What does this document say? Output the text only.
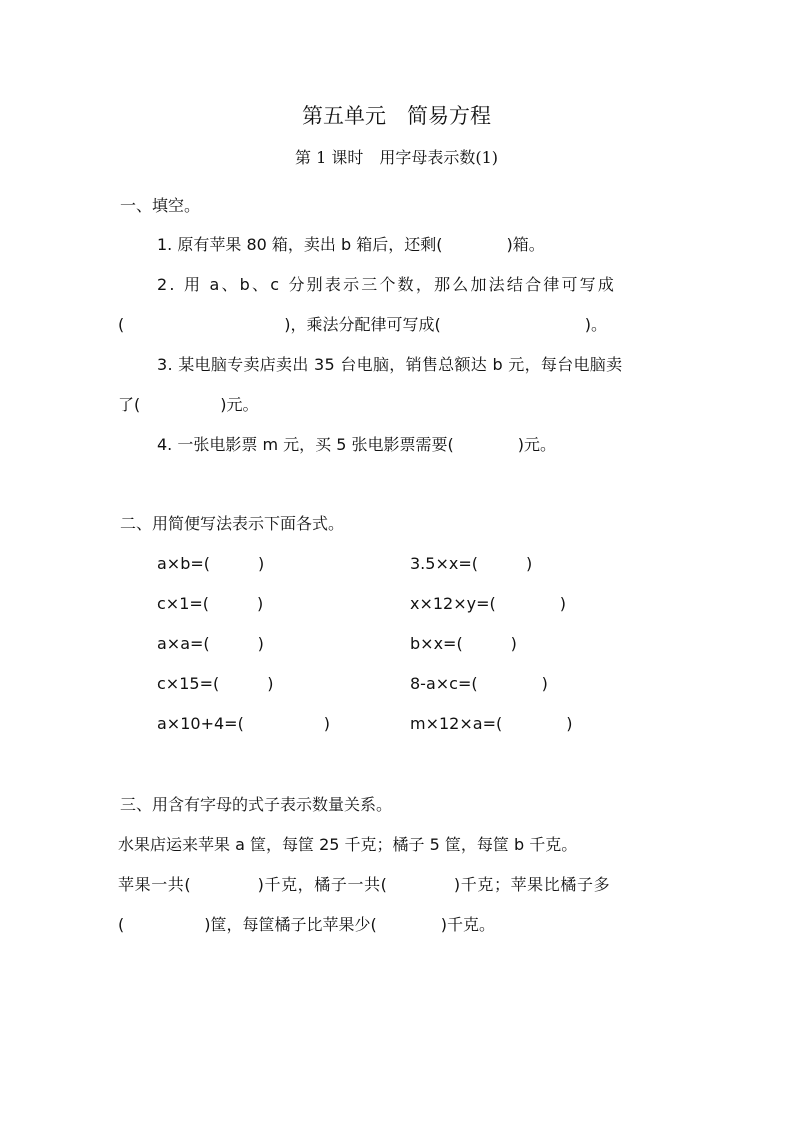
第五单元　简易方程
第 1 课时　用字母表示数(1)
一、填空。
1. 原有苹果 80 箱，卖出 b 箱后，还剩(　　　　)箱。
2. 用 a、b、c 分别表示三个数，那么加法结合律可写成
(　　　　　　　　　　)，乘法分配律可写成(　　　　　　　　　)。
3. 某电脑专卖店卖出 35 台电脑，销售总额达 b 元，每台电脑卖
了(　　　　　)元。
4. 一张电影票 m 元，买 5 张电影票需要(　　　　)元。
二、用简便写法表示下面各式。
a×b=(　　　)
c×1=(　　　)
a×a=(　　　)
c×15=(　　　)
a×10+4=(　　　　　)
3.5×x=(　　　)
x×12×y=(　　　　)
b×x=(　　　)
8-a×c=(　　　　)
m×12×a=(　　　　)
三、用含有字母的式子表示数量关系。
水果店运来苹果 a 筐，每筐 25 千克；橘子 5 筐，每筐 b 千克。
苹果一共(　　　　)千克，橘子一共(　　　　)千克；苹果比橘子多
(　　　　　)筐，每筐橘子比苹果少(　　　　)千克。
